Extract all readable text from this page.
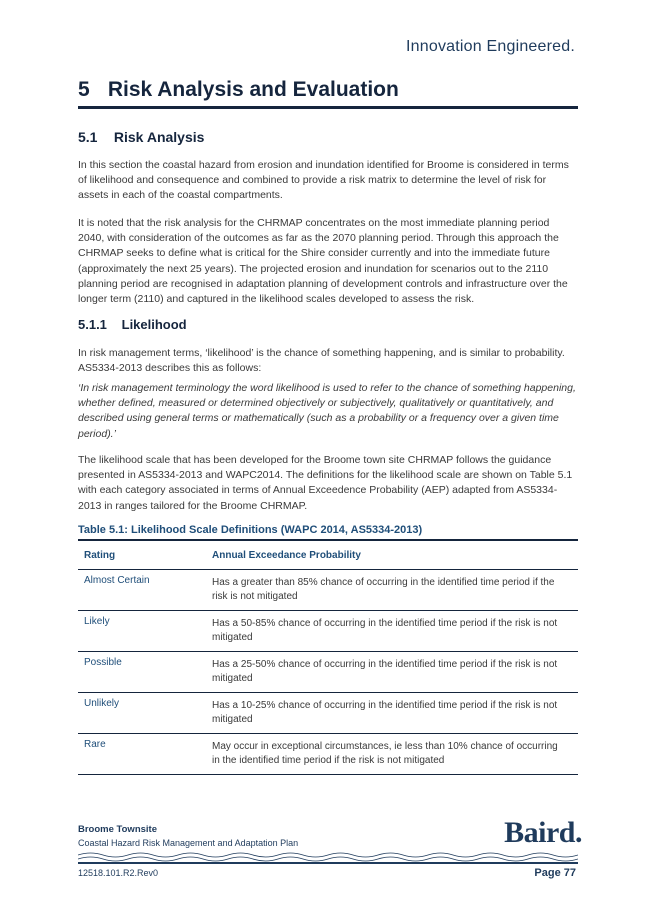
Innovation Engineered.
5 Risk Analysis and Evaluation
5.1 Risk Analysis

In this section the coastal hazard from erosion and inundation identified for Broome is considered in terms of likelihood and consequence and combined to provide a risk matrix to determine the level of risk for assets in each of the coastal compartments.

It is noted that the risk analysis for the CHRMAP concentrates on the most immediate planning period 2040, with consideration of the outcomes as far as the 2070 planning period. Through this approach the CHRMAP seeks to define what is critical for the Shire consider currently and into the immediate future (approximately the next 25 years). The projected erosion and inundation for scenarios out to the 2110 planning period are recognised in adaptation planning of development controls and infrastructure over the longer term (2110) and captured in the likelihood scales developed to assess the risk.

5.1.1 Likelihood

In risk management terms, ‘likelihood’ is the chance of something happening, and is similar to probability. AS5334-2013 describes this as follows:

‘In risk management terminology the word likelihood is used to refer to the chance of something happening, whether defined, measured or determined objectively or subjectively, qualitatively or quantitatively, and described using general terms or mathematically (such as a probability or a frequency over a given time period).’

The likelihood scale that has been developed for the Broome town site CHRMAP follows the guidance presented in AS5334-2013 and WAPC2014. The definitions for the likelihood scale are shown on Table 5.1 with each category associated in terms of Annual Exceedence Probability (AEP) adapted from AS5334-2013 in ranges tailored for the Broome CHRMAP.

Table 5.1: Likelihood Scale Definitions (WAPC 2014, AS5334-2013)
Rating	Annual Exceedance Probability
Almost Certain	Has a greater than 85% chance of occurring in the identified time period if the risk is not mitigated
Likely	Has a 50-85% chance of occurring in the identified time period if the risk is not mitigated
Possible	Has a 25-50% chance of occurring in the identified time period if the risk is not mitigated
Unlikely	Has a 10-25% chance of occurring in the identified time period if the risk is not mitigated
Rare	May occur in exceptional circumstances, ie less than 10% chance of occurring in the identified time period if the risk is not mitigated
Broome Townsite
Coastal Hazard Risk Management and Adaptation Plan	Baird.
12518.101.R2.Rev0	Page 77
